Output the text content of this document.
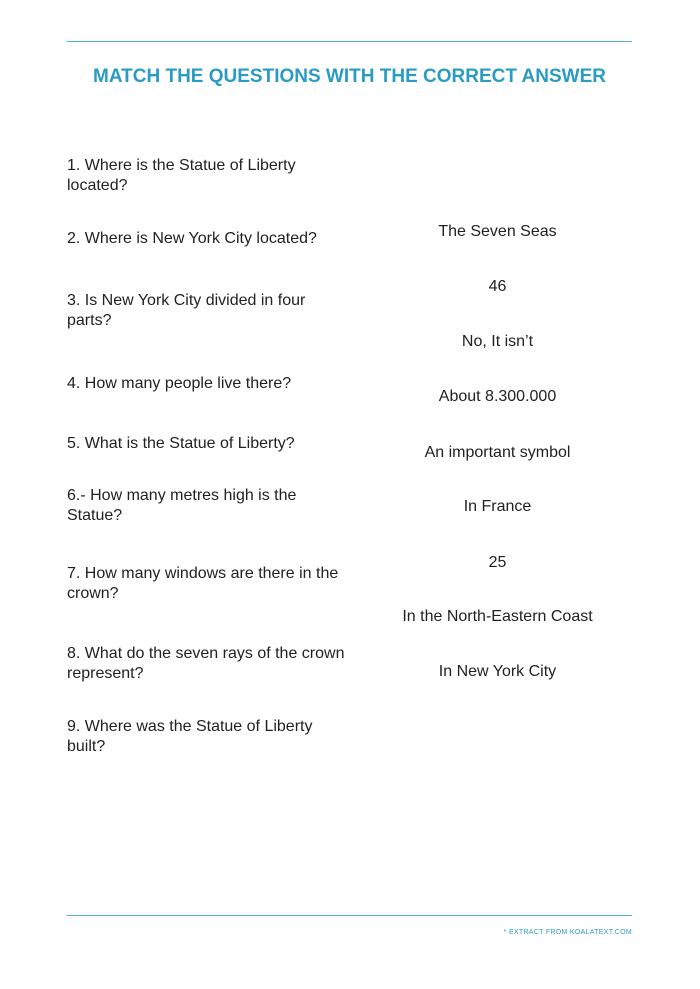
MATCH THE QUESTIONS WITH THE CORRECT ANSWER

1. Where is the Statue of Liberty located?

2. Where is New York City located?

3. Is New York City divided in four parts?

4. How many people live there?

5. What is the Statue of Liberty?

6.- How many metres high is the Statue?

7. How many windows are there in the crown?

8. What do the seven rays of the crown represent?

9. Where was the Statue of Liberty built?

The Seven Seas

46

No, It isn’t

About 8.300.000

An important symbol

In France

25

In the North-Eastern Coast

In New York City

* EXTRACT FROM KOALATEXT.COM
